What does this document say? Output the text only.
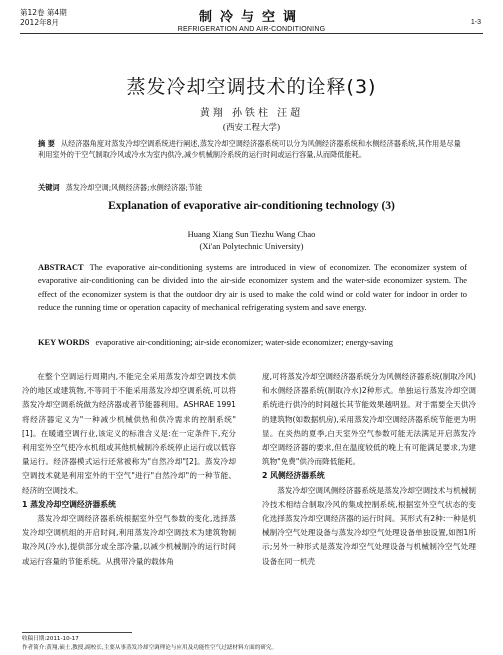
第12卷 第4期
2012年8月	制冷与空调
REFRIGERATION AND AIR-CONDITIONING
1-3
蒸发冷却空调技术的诠释(3)
黄翔 孙铁柱 汪超
(西安工程大学)
摘 要 从经济器角度对蒸发冷却空调系统进行阐述,蒸发冷却空调经济器系统可以分为风侧经济器系统和水侧经济器系统,其作用是尽量利用室外的干空气制取冷风或冷水为室内供冷,减少机械制冷系统的运行时间或运行容量,从而降低能耗。
关键词 蒸发冷却空调;风侧经济器;水侧经济器;节能
Explanation of evaporative air-conditioning technology (3)
Huang Xiang Sun Tiezhu Wang Chao
(Xi'an Polytechnic University)
ABSTRACT The evaporative air-conditioning systems are introduced in view of economizer. The economizer system of evaporative air-conditioning can be divided into the air-side economizer system and the water-side economizer system. The effect of the economizer system is that the outdoor dry air is used to make the cold wind or cold water for indoor in order to reduce the running time or operation capacity of mechanical refrigerating system and save energy.
KEY WORDS evaporative air-conditioning; air-side economizer; water-side economizer; energy-saving

在整个空调运行周期内,不能完全采用蒸发冷却空调技术供冷的地区或建筑物,不等同于不能采用蒸发冷却空调系统,可以将蒸发冷却空调系统做为经济器或者节能器利用。ASHRAE 1991将经济器定义为"一种减少机械供热和供冷需求的控制系统"[1]。在暖通空调行业,该定义的标准含义是:在一定条件下,充分利用室外空气使冷水机组或其他机械制冷系统停止运行或以低容量运行。经济器模式运行还常被称为"自然冷却"[2]。蒸发冷却空调技术就是利用室外的干空气"进行"自然冷却"的一种节能、经济的空调技术。

1 蒸发冷却空调经济器系统

蒸发冷却空调经济器系统根据室外空气参数的变化,选择蒸发冷却空调机组的开启时间,利用蒸发冷却空调技术为建筑物制取冷风(冷水),提供部分或全部冷量,以减少机械制冷的运行时间或运行容量的节能系统。从携带冷量的载体角

度,可将蒸发冷却空调经济器系统分为风侧经济器系统(制取冷风)和水侧经济器系统(制取冷水)2种形式。单独运行蒸发冷却空调系统进行供冷的时间越长其节能效果越明显。对于需要全天供冷的建筑物(如数据机房),采用蒸发冷却空调经济器系统节能更为明显。在炎热的夏季,白天室外空气参数可能无法满足开启蒸发冷却空调经济器的要求,但在温度较低的晚上有可能满足要求,为建筑物"免费"供冷而降低能耗。

2 风侧经济器系统

蒸发冷却空调风侧经济器系统是蒸发冷却空调技术与机械制冷技术相结合制取冷风的集成控制系统,根据室外空气状态的变化选择蒸发冷却空调经济器的运行时间。其形式有2种:一种是机械制冷空气处理设备与蒸发冷却空气处理设备单独设置,如图1所示;另外一种形式是蒸发冷却空气处理设备与机械制冷空气处理设备在同一机壳

收稿日期:2011-10-17
作者简介:黄翔,硕士,教授,副校长,主要从事蒸发冷却空调理论与应用及功能性空气过滤材料方面的研究。
